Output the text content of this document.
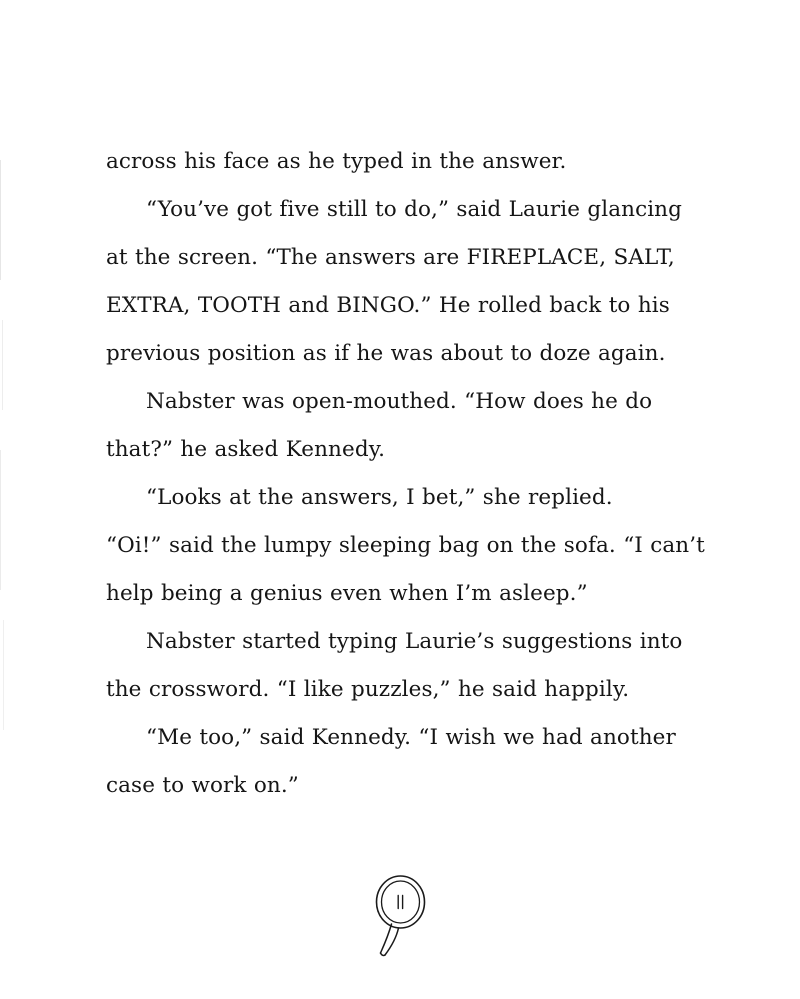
across his face as he typed in the answer.

“You’ve got five still to do,” said Laurie glancing at the screen. “The answers are FIREPLACE, SALT, EXTRA, TOOTH and BINGO.” He rolled back to his previous position as if he was about to doze again.

Nabster was open-mouthed. “How does he do that?” he asked Kennedy.

“Looks at the answers, I bet,” she replied.

“Oi!” said the lumpy sleeping bag on the sofa. “I can’t help being a genius even when I’m asleep.”

Nabster started typing Laurie’s suggestions into the crossword. “I like puzzles,” he said happily.

“Me too,” said Kennedy. “I wish we had another case to work on.”
